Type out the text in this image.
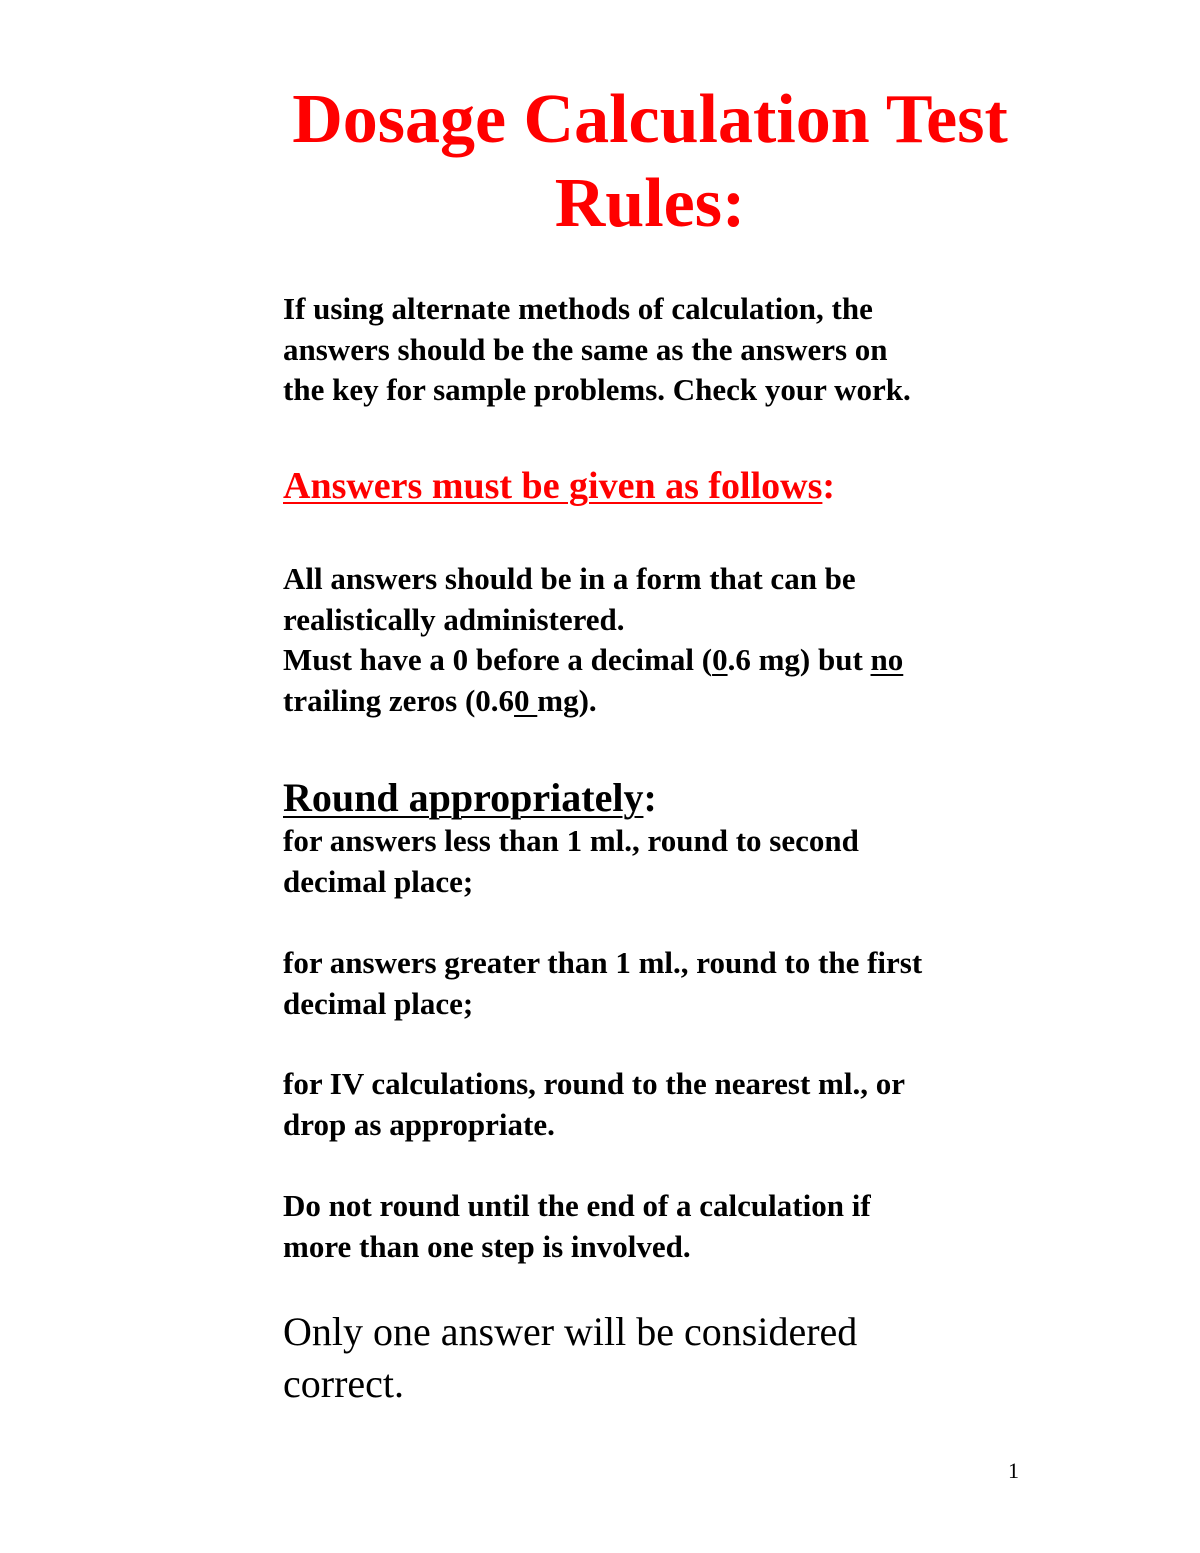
Dosage Calculation Test
Rules:

If using alternate methods of calculation, the
answers should be the same as the answers on
the key for sample problems. Check your work.

Answers must be given as follows:

All answers should be in a form that can be
realistically administered.
Must have a 0 before a decimal (0.6 mg) but no
trailing zeros (0.60 mg).

Round appropriately:

for answers less than 1 ml., round to second
decimal place;

for answers greater than 1 ml., round to the first
decimal place;

for IV calculations, round to the nearest ml., or
drop as appropriate.

Do not round until the end of a calculation if
more than one step is involved.

Only one answer will be considered
correct.

1
